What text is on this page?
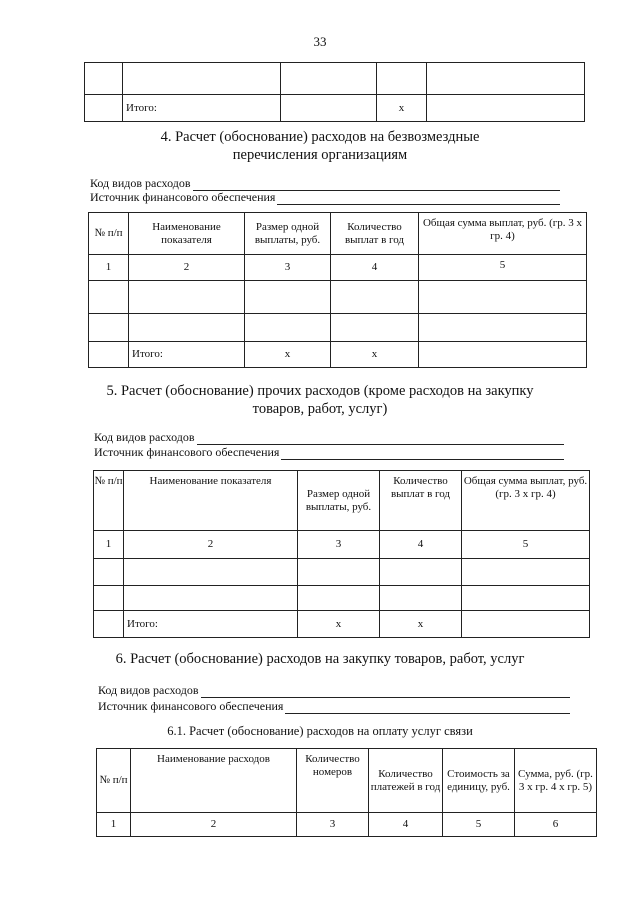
33

	Итого:		x	
4. Расчет (обоснование) расходов на безвозмездные
перечисления организациям
Код видов расходов
Источник финансового обеспечения
№ п/п	Наименование показателя	Размер одной выплаты, руб.	Количество выплат в год	Общая сумма выплат, руб. (гр. 3 х гр. 4)
1	2	3	4	5

	Итого:	x	x	
5. Расчет (обоснование) прочих расходов (кроме расходов на закупку
товаров, работ, услуг)
Код видов расходов
Источник финансового обеспечения
№ п/п	Наименование показателя	Размер одной выплаты, руб.	Количество выплат в год	Общая сумма выплат, руб. (гр. 3 х гр. 4)
1	2	3	4	5

	Итого:	x	x	
6. Расчет (обоснование) расходов на закупку товаров, работ, услуг
Код видов расходов
Источник финансового обеспечения
6.1. Расчет (обоснование) расходов на оплату услуг связи
№ п/п	Наименование расходов	Количество номеров	Количество платежей в год	Стоимость за единицу, руб.	Сумма, руб. (гр. 3 х гр. 4 х гр. 5)
1	2	3	4	5	6
